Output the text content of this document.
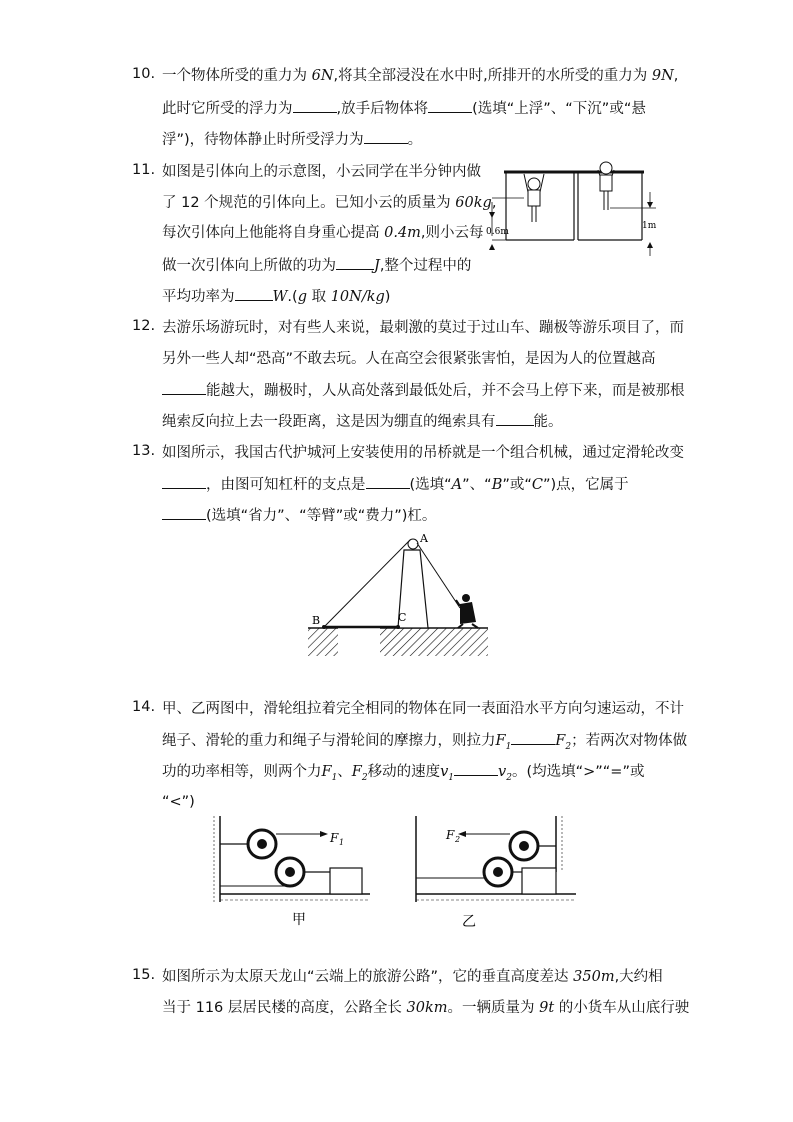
10. 一个物体所受的重力为 6N,将其全部浸没在水中时,所排开的水所受的重力为 9N,
此时它所受的浮力为	,放手后物体将	(选填“上浮”、“下沉”或“悬
浮”)，待物体静止时所受浮力为	。
11. 如图是引体向上的示意图，小云同学在半分钟内做
了 12 个规范的引体向上。已知小云的质量为 60kg,
每次引体向上他能将自身重心提高 0.4m,则小云每
做一次引体向上所做的功为	J,整个过程中的
平均功率为	W.(g 取 10N/kg)
0.6m
1m
12. 去游乐场游玩时，对有些人来说，最刺激的莫过于过山车、蹦极等游乐项目了，而
另外一些人却“恐高”不敢去玩。人在高空会很紧张害怕，是因为人的位置越高
能越大，蹦极时，人从高处落到最低处后，并不会马上停下来，而是被那根
绳索反向拉上去一段距离，这是因为绷直的绳索具有	能。
13. 如图所示，我国古代护城河上安装使用的吊桥就是一个组合机械，通过定滑轮改变
，由图可知杠杆的支点是	(选填“A”、“B”或“C”)点，它属于
(选填“省力”、“等臂”或“费力”)杠。
A
B	C
14. 甲、乙两图中，滑轮组拉着完全相同的物体在同一表面沿水平方向匀速运动，不计
绳子、滑轮的重力和绳子与滑轮间的摩擦力，则拉力$F_1$	$F_2$；若两次对物体做
功的功率相等，则两个力$F_1$、$F_2$移动的速度$v_1$	$v_2$。(均选填“>”“=”或
“<”)
F 1
甲
F 2
乙
15. 如图所示为太原天龙山“云端上的旅游公路”，它的垂直高度差达 350m,大约相
当于 116 层居民楼的高度，公路全长 30km。一辆质量为 9t 的小货车从山底行驶
